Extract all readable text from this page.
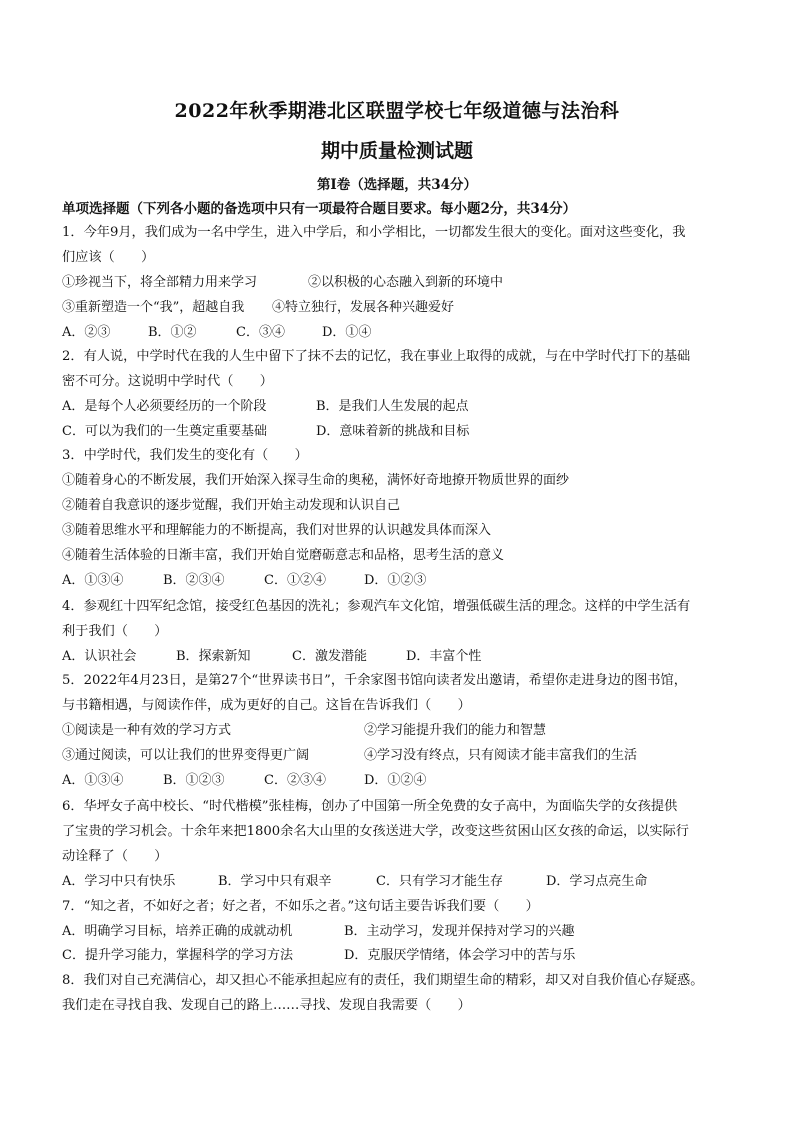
2022年秋季期港北区联盟学校七年级道德与法治科
期中质量检测试题
第Ⅰ卷（选择题，共34分）
单项选择题（下列各小题的备选项中只有一项最符合题目要求。每小题2分，共34分）
1．今年9月，我们成为一名中学生，进入中学后，和小学相比，一切都发生很大的变化。面对这些变化，我
们应该（　　）
①珍视当下，将全部精力用来学习	②以积极的心态融入到新的环境中
③重新塑造一个“我”，超越自我 ④特立独行，发展各种兴趣爱好
A．②③	B．①②	C．③④	D．①④
2．有人说，中学时代在我的人生中留下了抹不去的记忆，我在事业上取得的成就，与在中学时代打下的基础
密不可分。这说明中学时代（　　）
A．是每个人必须要经历的一个阶段	B．是我们人生发展的起点
C．可以为我们的一生奠定重要基础	D．意味着新的挑战和目标
3．中学时代，我们发生的变化有（　　）
①随着身心的不断发展，我们开始深入探寻生命的奥秘，满怀好奇地撩开物质世界的面纱
②随着自我意识的逐步觉醒，我们开始主动发现和认识自己
③随着思维水平和理解能力的不断提高，我们对世界的认识越发具体而深入
④随着生活体验的日渐丰富，我们开始自觉磨砺意志和品格，思考生活的意义
A．①③④	B．②③④	C．①②④	D．①②③
4．参观红十四军纪念馆，接受红色基因的洗礼；参观汽车文化馆，增强低碳生活的理念。这样的中学生活有
利于我们（　　）
A．认识社会	B．探索新知	C．激发潜能	D．丰富个性
5．2022年4月23日，是第27个“世界读书日”，千余家图书馆向读者发出邀请，希望你走进身边的图书馆，
与书籍相遇，与阅读作伴，成为更好的自己。这旨在告诉我们（　　）
①阅读是一种有效的学习方式	②学习能提升我们的能力和智慧
③通过阅读，可以让我们的世界变得更广阔	④学习没有终点，只有阅读才能丰富我们的生活
A．①③④	B．①②③	C．②③④	D．①②④
6．华坪女子高中校长、“时代楷模”张桂梅，创办了中国第一所全免费的女子高中，为面临失学的女孩提供
了宝贵的学习机会。十余年来把1800余名大山里的女孩送进大学，改变这些贫困山区女孩的命运，以实际行
动诠释了（　　）
A．学习中只有快乐	B．学习中只有艰辛	C．只有学习才能生存	D．学习点亮生命
7．“知之者，不如好之者；好之者，不如乐之者。”这句话主要告诉我们要（　　）
A．明确学习目标，培养正确的成就动机	B．主动学习，发现并保持对学习的兴趣
C．提升学习能力，掌握科学的学习方法	D．克服厌学情绪，体会学习中的苦与乐
8．我们对自己充满信心，却又担心不能承担起应有的责任，我们期望生命的精彩，却又对自我价值心存疑惑。
我们走在寻找自我、发现自己的路上……寻找、发现自我需要（　　）
